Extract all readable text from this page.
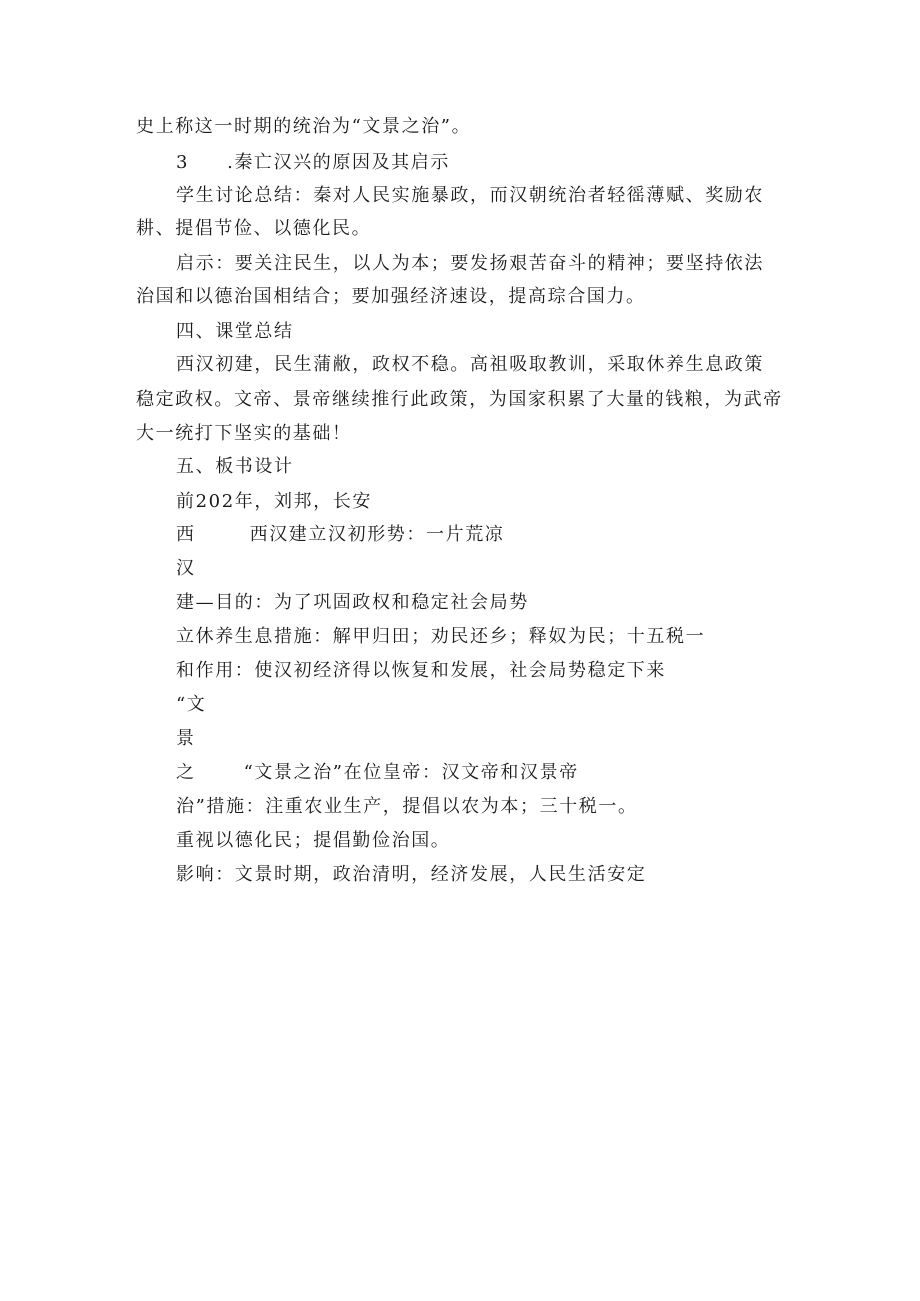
史上称这一时期的统治为“文景之治”。
3 .秦亡汉兴的原因及其启示
学生讨论总结：秦对人民实施暴政，而汉朝统治者轻徭薄赋、奖励农
耕、提倡节俭、以德化民。
启示：要关注民生，以人为本；要发扬艰苦奋斗的精神；要坚持依法
治国和以德治国相结合；要加强经济速设，提高琮合国力。
四、课堂总结
西汉初建，民生蒲敝，政权不稳。高祖吸取教训，采取休养生息政策
稳定政权。文帝、景帝继续推行此政策，为国家积累了大量的钱粮，为武帝
大一统打下坚实的基础！
五、板书设计
前202年，刘邦，长安
西	西汉建立汉初形势：一片荒凉
汉
建—目的：为了巩固政权和稳定社会局势
立休养生息措施：解甲归田；劝民还乡；释奴为民；十五税一
和作用：使汉初经济得以恢复和发展，社会局势稳定下来
“文
景
之	“文景之治”在位皇帝：汉文帝和汉景帝
治”措施：注重农业生产，提倡以农为本；三十税一。
重视以德化民；提倡勤俭治国。
影响：文景时期，政治清明，经济发展，人民生活安定
